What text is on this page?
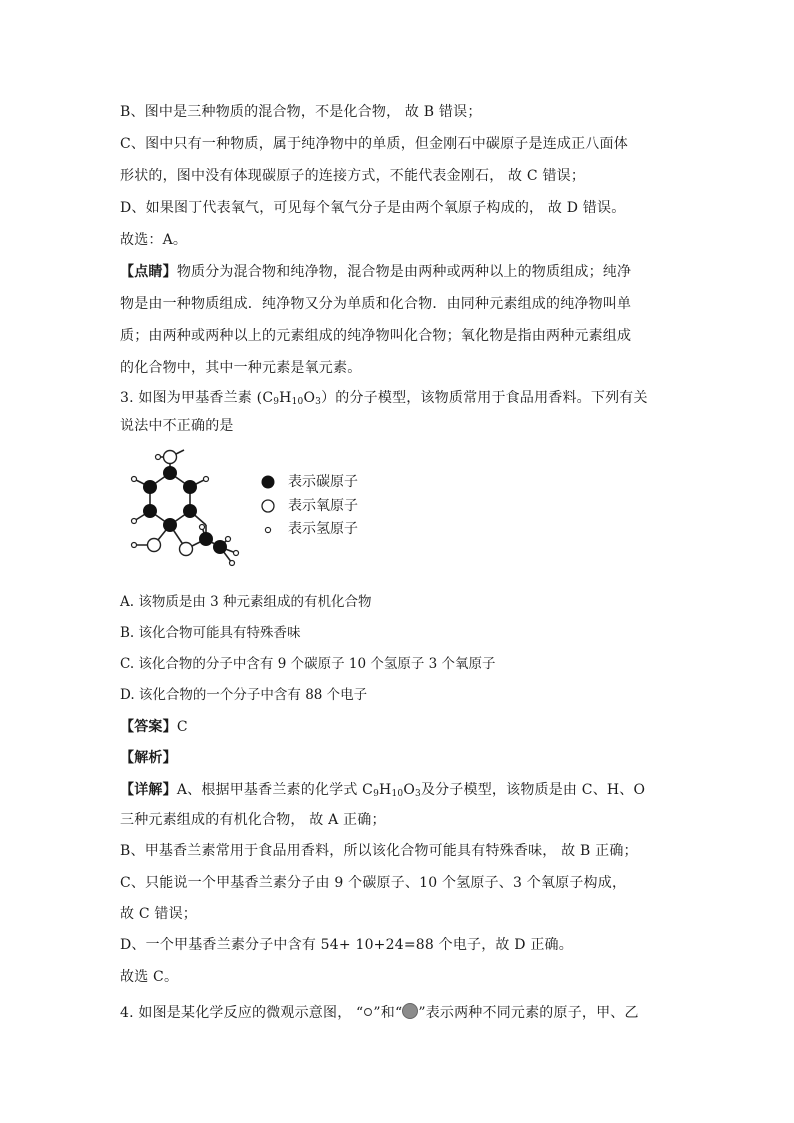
B、图中是三种物质的混合物，不是化合物， 故 B 错误；
C、图中只有一种物质，属于纯净物中的单质，但金刚石中碳原子是连成正八面体
形状的，图中没有体现碳原子的连接方式，不能代表金刚石， 故 C 错误；
D、如果图丁代表氧气，可见每个氧气分子是由两个氧原子构成的， 故 D 错误。
故选：A。
【点睛】物质分为混合物和纯净物，混合物是由两种或两种以上的物质组成；纯净
物是由一种物质组成．纯净物又分为单质和化合物．由同种元素组成的纯净物叫单
质；由两种或两种以上的元素组成的纯净物叫化合物；氧化物是指由两种元素组成
的化合物中，其中一种元素是氧元素。
3. 如图为甲基香兰素 $(C_9H_{10}O_3)$的分子模型，该物质常用于食品用香料。下列有关
说法中不正确的是
表示碳原子
表示氧原子
表示氢原子
A. 该物质是由 3 种元素组成的有机化合物
B. 该化合物可能具有特殊香味
C. 该化合物的分子中含有 9 个碳原子 10 个氢原子 3 个氧原子
D. 该化合物的一个分子中含有 88 个电子
【答案】C
【解析】
【详解】A、根据甲基香兰素的化学式 $C_9H_{10}O_3$及分子模型，该物质是由 C、H、O
三种元素组成的有机化合物， 故 A 正确；
B、甲基香兰素常用于食品用香料，所以该化合物可能具有特殊香味， 故 B 正确；
C、只能说一个甲基香兰素分子由 9 个碳原子、10 个氢原子、3 个氧原子构成，
故 C 错误；
D、一个甲基香兰素分子中含有 54+ 10+24=88 个电子，故 D 正确。
故选 C。
4. 如图是某化学反应的微观示意图， “ ”和“ ”表示两种不同元素的原子，甲、乙
